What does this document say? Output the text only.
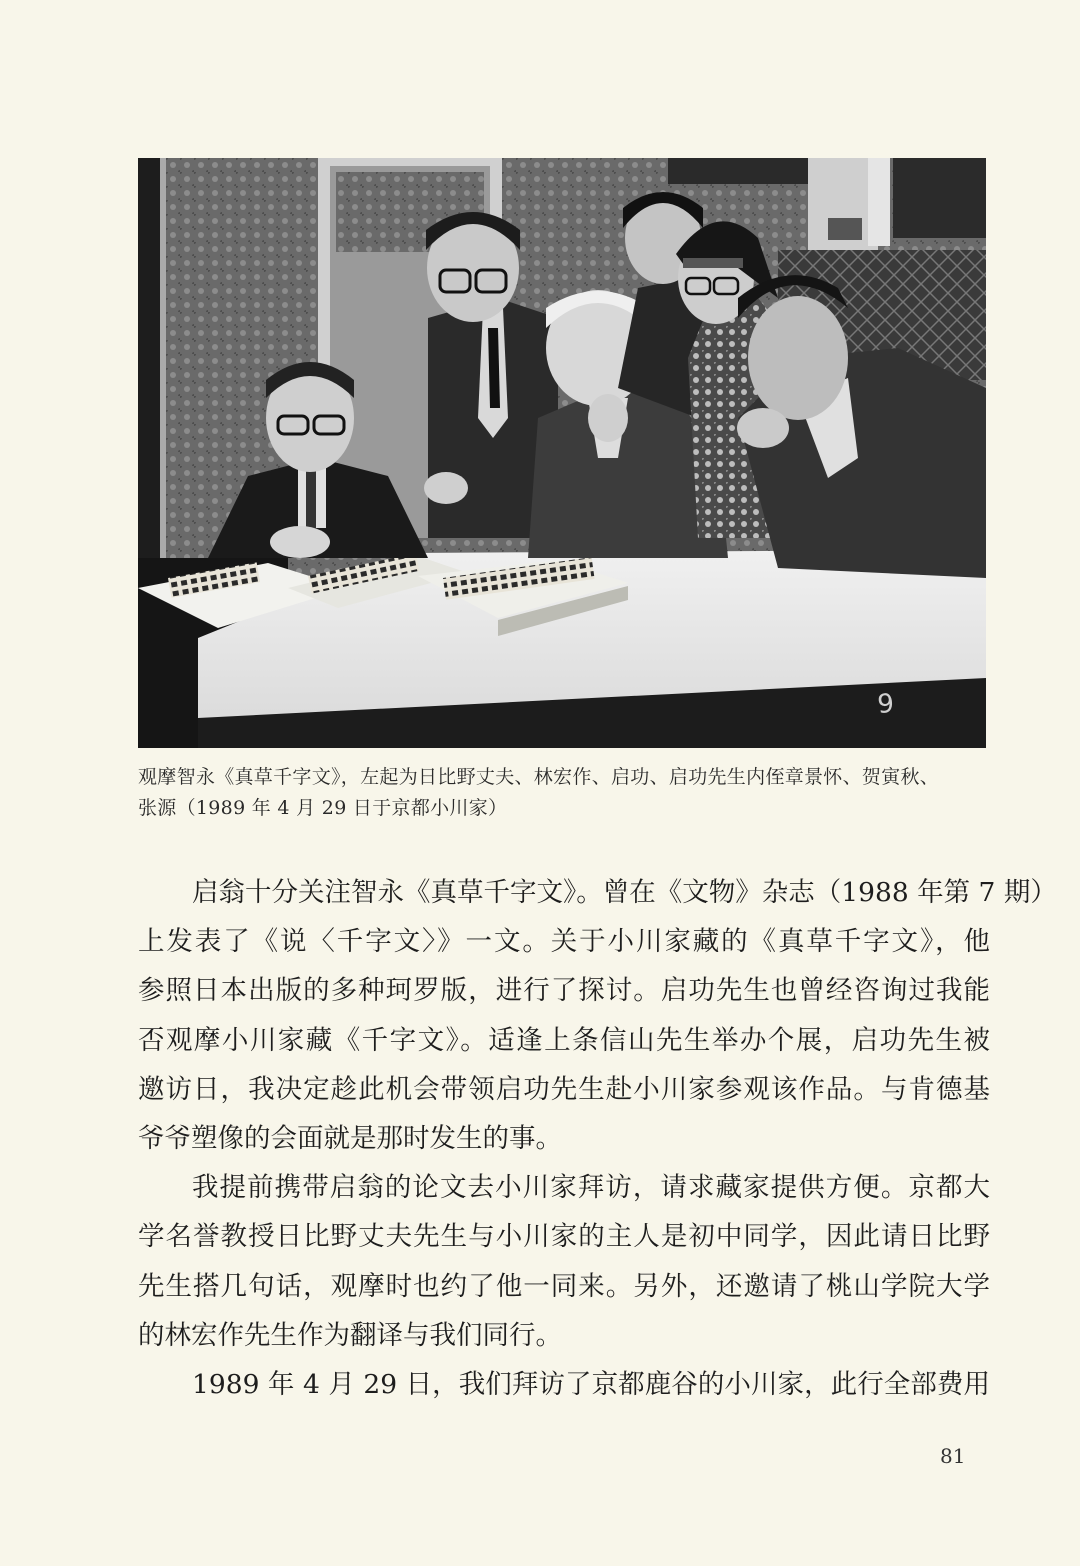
9
观摩智永《真草千字文》，左起为日比野丈夫、林宏作、启功、启功先生内侄章景怀、贺寅秋、
张源（1989 年 4 月 29 日于京都小川家）
启翁十分关注智永《真草千字文》。曾在《文物》杂志（1988 年第 7 期）
上发表了《说〈千字文〉》一文。关于小川家藏的《真草千字文》，他
参照日本出版的多种珂罗版，进行了探讨。启功先生也曾经咨询过我能
否观摩小川家藏《千字文》。适逢上条信山先生举办个展，启功先生被
邀访日，我决定趁此机会带领启功先生赴小川家参观该作品。与肯德基
爷爷塑像的会面就是那时发生的事。
我提前携带启翁的论文去小川家拜访，请求藏家提供方便。京都大
学名誉教授日比野丈夫先生与小川家的主人是初中同学，因此请日比野
先生搭几句话，观摩时也约了他一同来。另外，还邀请了桃山学院大学
的林宏作先生作为翻译与我们同行。
1989 年 4 月 29 日，我们拜访了京都鹿谷的小川家，此行全部费用
81
